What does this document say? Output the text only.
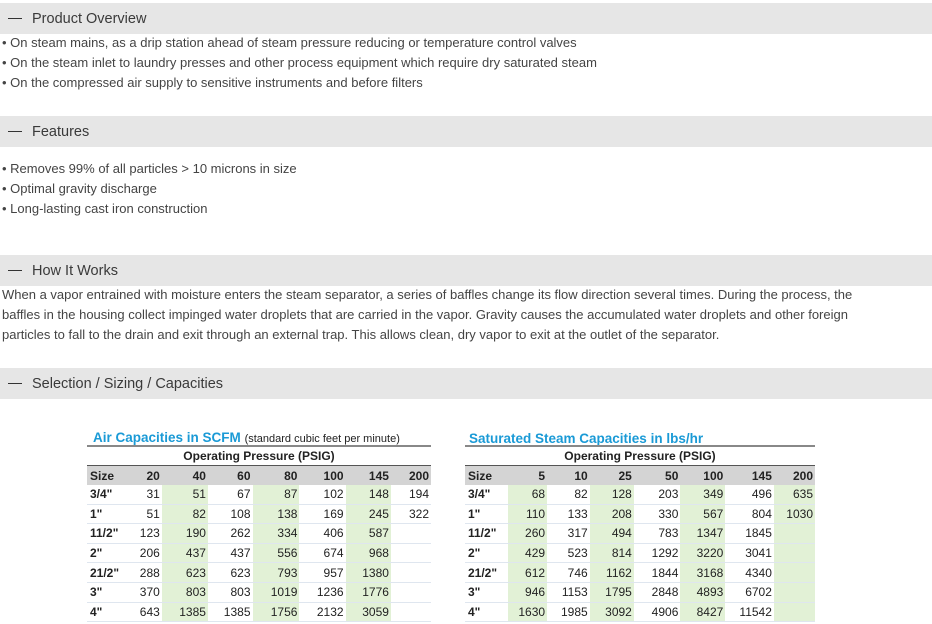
Product Overview
• On steam mains, as a drip station ahead of steam pressure reducing or temperature control valves
• On the steam inlet to laundry presses and other process equipment which require dry saturated steam
• On the compressed air supply to sensitive instruments and before filters
Features
• Removes 99% of all particles > 10 microns in size
• Optimal gravity discharge
• Long-lasting cast iron construction
How It Works
When a vapor entrained with moisture enters the steam separator, a series of baffles change its flow direction several times. During the process, the
baffles in the housing collect impinged water droplets that are carried in the vapor. Gravity causes the accumulated water droplets and other foreign
particles to fall to the drain and exit through an external trap. This allows clean, dry vapor to exit at the outlet of the separator.
Selection / Sizing / Capacities
Air Capacities in SCFM (standard cubic feet per minute)
Operating Pressure (PSIG)							
Size	20	40	60	80	100	145	200
3/4"	31	51	67	87	102	148	194
1"	51	82	108	138	169	245	322
11/2"	123	190	262	334	406	587	
2"	206	437	437	556	674	968	
21/2"	288	623	623	793	957	1380	
3"	370	803	803	1019	1236	1776	
4"	643	1385	1385	1756	2132	3059	
Saturated Steam Capacities in lbs/hr
Operating Pressure (PSIG)							
Size	5	10	25	50	100	145	200
3/4"	68	82	128	203	349	496	635
1"	110	133	208	330	567	804	1030
11/2"	260	317	494	783	1347	1845	
2"	429	523	814	1292	3220	3041	
21/2"	612	746	1162	1844	3168	4340	
3"	946	1153	1795	2848	4893	6702	
4"	1630	1985	3092	4906	8427	11542	
